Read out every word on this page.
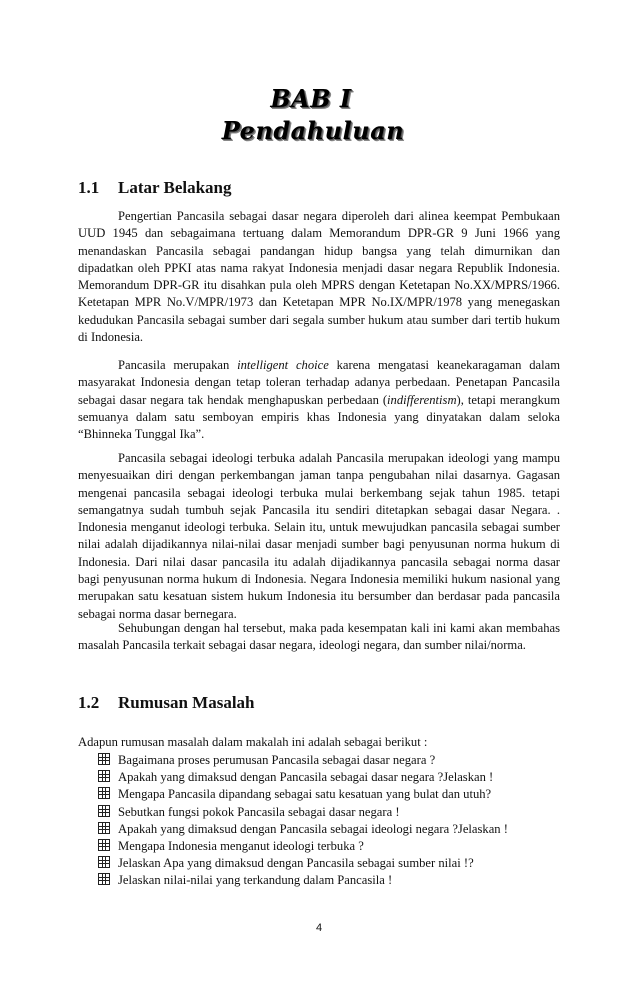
BAB I
Pendahuluan
1.1 Latar Belakang

Pengertian Pancasila sebagai dasar negara diperoleh dari alinea keempat Pembukaan UUD 1945 dan sebagaimana tertuang dalam Memorandum DPR-GR 9 Juni 1966 yang menandaskan Pancasila sebagai pandangan hidup bangsa yang telah dimurnikan dan dipadatkan oleh PPKI atas nama rakyat Indonesia menjadi dasar negara Republik Indonesia. Memorandum DPR-GR itu disahkan pula oleh MPRS dengan Ketetapan No.XX/MPRS/1966. Ketetapan MPR No.V/MPR/1973 dan Ketetapan MPR No.IX/MPR/1978 yang menegaskan kedudukan Pancasila sebagai sumber dari segala sumber hukum atau sumber dari tertib hukum di Indonesia.

Pancasila merupakan intelligent choice karena mengatasi keanekaragaman dalam masyarakat Indonesia dengan tetap toleran terhadap adanya perbedaan. Penetapan Pancasila sebagai dasar negara tak hendak menghapuskan perbedaan (indifferentism), tetapi merangkum semuanya dalam satu semboyan empiris khas Indonesia yang dinyatakan dalam seloka “Bhinneka Tunggal Ika”.

Pancasila sebagai ideologi terbuka adalah Pancasila merupakan ideologi yang mampu menyesuaikan diri dengan perkembangan jaman tanpa pengubahan nilai dasarnya. Gagasan mengenai pancasila sebagai ideologi terbuka mulai berkembang sejak tahun 1985. tetapi semangatnya sudah tumbuh sejak Pancasila itu sendiri ditetapkan sebagai dasar Negara. . Indonesia menganut ideologi terbuka. Selain itu, untuk mewujudkan pancasila sebagai sumber nilai adalah dijadikannya nilai-nilai dasar menjadi sumber bagi penyusunan norma hukum di Indonesia. Dari nilai dasar pancasila itu adalah dijadikannya pancasila sebagai norma dasar bagi penyusunan norma hukum di Indonesia. Negara Indonesia memiliki hukum nasional yang merupakan satu kesatuan sistem hukum Indonesia itu bersumber dan berdasar pada pancasila sebagai norma dasar bernegara.

Sehubungan dengan hal tersebut, maka pada kesempatan kali ini kami akan membahas masalah Pancasila terkait sebagai dasar negara, ideologi negara, dan sumber nilai/norma.

1.2 Rumusan Masalah
Adapun rumusan masalah dalam makalah ini adalah sebagai berikut :
Bagaimana proses perumusan Pancasila sebagai dasar negara ?
Apakah yang dimaksud dengan Pancasila sebagai dasar negara ?Jelaskan !
Mengapa Pancasila dipandang sebagai satu kesatuan yang bulat dan utuh?
Sebutkan fungsi pokok Pancasila sebagai dasar negara !
Apakah yang dimaksud dengan Pancasila sebagai ideologi negara ?Jelaskan !
Mengapa Indonesia menganut ideologi terbuka ?
Jelaskan Apa yang dimaksud dengan Pancasila sebagai sumber nilai !?
Jelaskan nilai-nilai yang terkandung dalam Pancasila !
4
